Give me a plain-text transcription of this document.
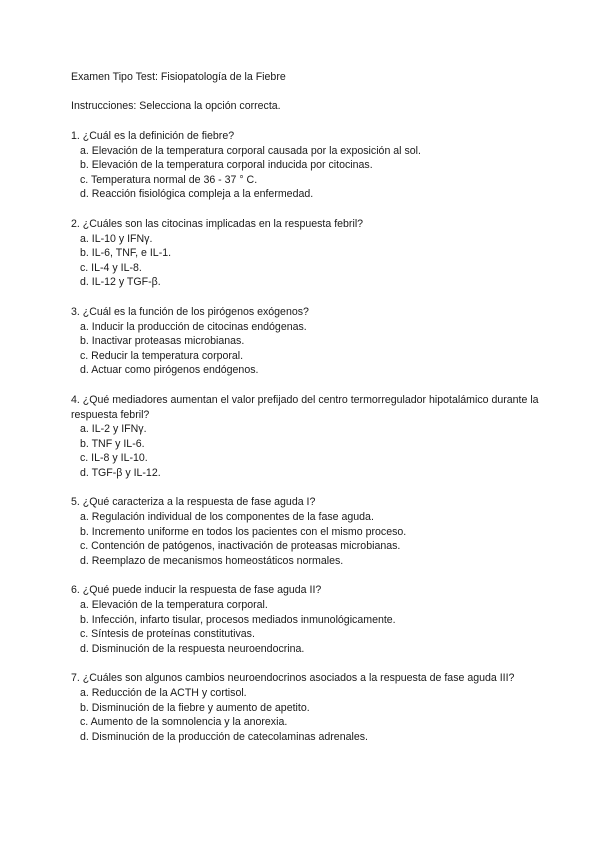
Examen Tipo Test: Fisiopatología de la Fiebre
Instrucciones: Selecciona la opción correcta.
1. ¿Cuál es la definición de fiebre?
a. Elevación de la temperatura corporal causada por la exposición al sol.
b. Elevación de la temperatura corporal inducida por citocinas.
c. Temperatura normal de 36 - 37 ° C.
d. Reacción fisiológica compleja a la enfermedad.
2. ¿Cuáles son las citocinas implicadas en la respuesta febril?
a. IL-10 y IFNγ.
b. IL-6, TNF, e IL-1.
c. IL-4 y IL-8.
d. IL-12 y TGF-β.
3. ¿Cuál es la función de los pirógenos exógenos?
a. Inducir la producción de citocinas endógenas.
b. Inactivar proteasas microbianas.
c. Reducir la temperatura corporal.
d. Actuar como pirógenos endógenos.
4. ¿Qué mediadores aumentan el valor prefijado del centro termorregulador hipotalámico durante la respuesta febril?
a. IL-2 y IFNγ.
b. TNF y IL-6.
c. IL-8 y IL-10.
d. TGF-β y IL-12.
5. ¿Qué caracteriza a la respuesta de fase aguda I?
a. Regulación individual de los componentes de la fase aguda.
b. Incremento uniforme en todos los pacientes con el mismo proceso.
c. Contención de patógenos, inactivación de proteasas microbianas.
d. Reemplazo de mecanismos homeostáticos normales.
6. ¿Qué puede inducir la respuesta de fase aguda II?
a. Elevación de la temperatura corporal.
b. Infección, infarto tisular, procesos mediados inmunológicamente.
c. Síntesis de proteínas constitutivas.
d. Disminución de la respuesta neuroendocrina.
7. ¿Cuáles son algunos cambios neuroendocrinos asociados a la respuesta de fase aguda III?
a. Reducción de la ACTH y cortisol.
b. Disminución de la fiebre y aumento de apetito.
c. Aumento de la somnolencia y la anorexia.
d. Disminución de la producción de catecolaminas adrenales.
